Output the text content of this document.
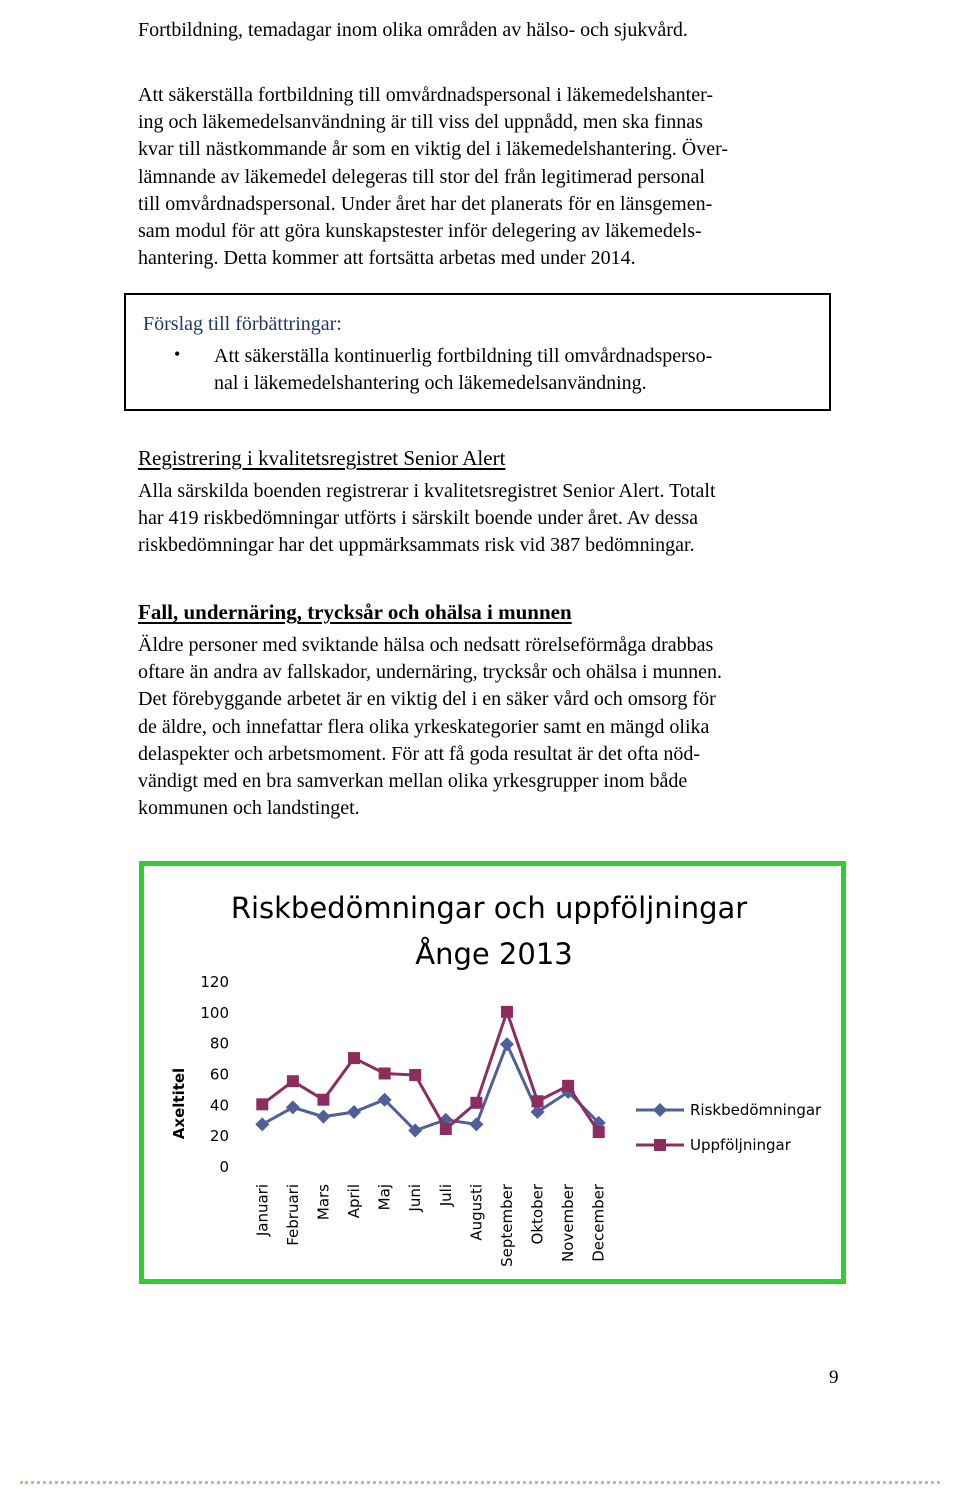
Fortbildning, temadagar inom olika områden av hälso- och sjukvård.
Att säkerställa fortbildning till omvårdnadspersonal i läkemedelshanter-
ing och läkemedelsanvändning är till viss del uppnådd, men ska finnas
kvar till nästkommande år som en viktig del i läkemedelshantering. Över-
lämnande av läkemedel delegeras till stor del från legitimerad personal
till omvårdnadspersonal. Under året har det planerats för en länsgemen-
sam modul för att göra kunskapstester inför delegering av läkemedels-
hantering. Detta kommer att fortsätta arbetas med under 2014.
Förslag till förbättringar:
• Att säkerställa kontinuerlig fortbildning till omvårdnadsperso-
nal i läkemedelshantering och läkemedelsanvändning.
Registrering i kvalitetsregistret Senior Alert
Alla särskilda boenden registrerar i kvalitetsregistret Senior Alert. Totalt
har 419 riskbedömningar utförts i särskilt boende under året. Av dessa
riskbedömningar har det uppmärksammats risk vid 387 bedömningar.
Fall, undernäring, trycksår och ohälsa i munnen
Äldre personer med sviktande hälsa och nedsatt rörelseförmåga drabbas
oftare än andra av fallskador, undernäring, trycksår och ohälsa i munnen.
Det förebyggande arbetet är en viktig del i en säker vård och omsorg för
de äldre, och innefattar flera olika yrkeskategorier samt en mängd olika
delaspekter och arbetsmoment. För att få goda resultat är det ofta nöd-
vändigt med en bra samverkan mellan olika yrkesgrupper inom både
kommunen och landstinget.
Riskbedömningar och uppföljningar
Ånge 2013
Axeltitel
0
20
40
60
80
100
120
Januari Februari Mars April Maj Juni Juli Augusti September Oktober November December
Riskbedömningar
Uppföljningar
9
